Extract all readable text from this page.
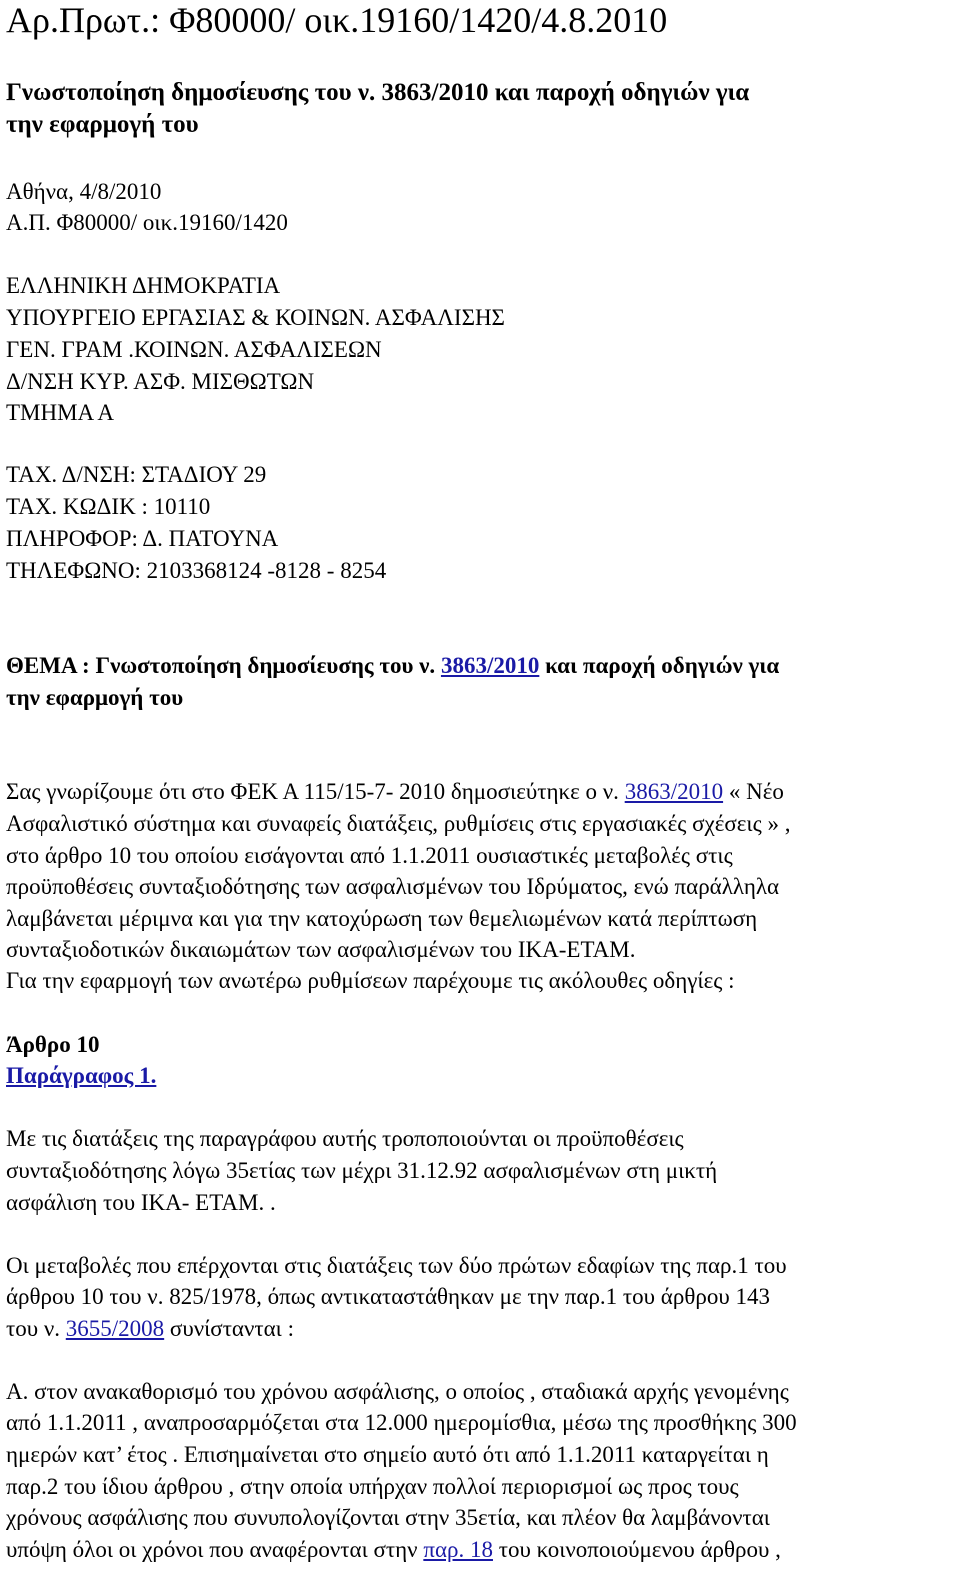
Αρ.Πρωτ.: Φ80000/ οικ.19160/1420/4.8.2010

Γνωστοποίηση δημοσίευσης του ν. 3863/2010 και παροχή οδηγιών για

την εφαρμογή του

Αθήνα, 4/8/2010

Α.Π. Φ80000/ οικ.19160/1420

ΕΛΛΗΝΙΚΗ ΔΗΜΟΚΡΑΤΙΑ

ΥΠΟΥΡΓΕΙΟ ΕΡΓΑΣΙΑΣ & ΚΟΙΝΩΝ. ΑΣΦΑΛΙΣΗΣ

ΓΕΝ. ΓΡΑΜ .ΚΟΙΝΩΝ. ΑΣΦΑΛΙΣΕΩΝ

Δ/ΝΣΗ ΚΥΡ. ΑΣΦ. ΜΙΣΘΩΤΩΝ

ΤΜΗΜΑ Α

ΤΑΧ. Δ/ΝΣΗ: ΣΤΑΔΙΟΥ 29

ΤΑΧ. ΚΩΔΙΚ : 10110

ΠΛΗΡΟΦΟΡ: Δ. ΠΑΤΟΥΝΑ

ΤΗΛΕΦΩΝΟ: 2103368124 -8128 - 8254

ΘΕΜΑ : Γνωστοποίηση δημοσίευσης του ν. 3863/2010 και παροχή οδηγιών για

την εφαρμογή του

Σας γνωρίζουμε ότι στο ΦΕΚ Α 115/15-7- 2010 δημοσιεύτηκε ο ν. 3863/2010 « Νέο

Ασφαλιστικό σύστημα και συναφείς διατάξεις, ρυθμίσεις στις εργασιακές σχέσεις » ,

στο άρθρο 10 του οποίου εισάγονται από 1.1.2011 ουσιαστικές μεταβολές στις

προϋποθέσεις συνταξιοδότησης των ασφαλισμένων του Ιδρύματος, ενώ παράλληλα

λαμβάνεται μέριμνα και για την κατοχύρωση των θεμελιωμένων κατά περίπτωση

συνταξιοδοτικών δικαιωμάτων των ασφαλισμένων του ΙΚΑ-ΕΤΑΜ.

Για την εφαρμογή των ανωτέρω ρυθμίσεων παρέχουμε τις ακόλουθες οδηγίες :

Άρθρο 10

Παράγραφος 1.

Με τις διατάξεις της παραγράφου αυτής τροποποιούνται οι προϋποθέσεις

συνταξιοδότησης λόγω 35ετίας των μέχρι 31.12.92 ασφαλισμένων στη μικτή

ασφάλιση του ΙΚΑ- ΕΤΑΜ. .

Οι μεταβολές που επέρχονται στις διατάξεις των δύο πρώτων εδαφίων της παρ.1 του

άρθρου 10 του ν. 825/1978, όπως αντικαταστάθηκαν με την παρ.1 του άρθρου 143

του ν. 3655/2008 συνίστανται :

Α. στον ανακαθορισμό του χρόνου ασφάλισης, ο οποίος , σταδιακά αρχής γενομένης

από 1.1.2011 , αναπροσαρμόζεται στα 12.000 ημερομίσθια, μέσω της προσθήκης 300

ημερών κατ’ έτος . Επισημαίνεται στο σημείο αυτό ότι από 1.1.2011 καταργείται η

παρ.2 του ίδιου άρθρου , στην οποία υπήρχαν πολλοί περιορισμοί ως προς τους

χρόνους ασφάλισης που συνυπολογίζονται στην 35ετία, και πλέον θα λαμβάνονται

υπόψη όλοι οι χρόνοι που αναφέρονται στην παρ. 18 του κοινοποιούμενου άρθρου ,
